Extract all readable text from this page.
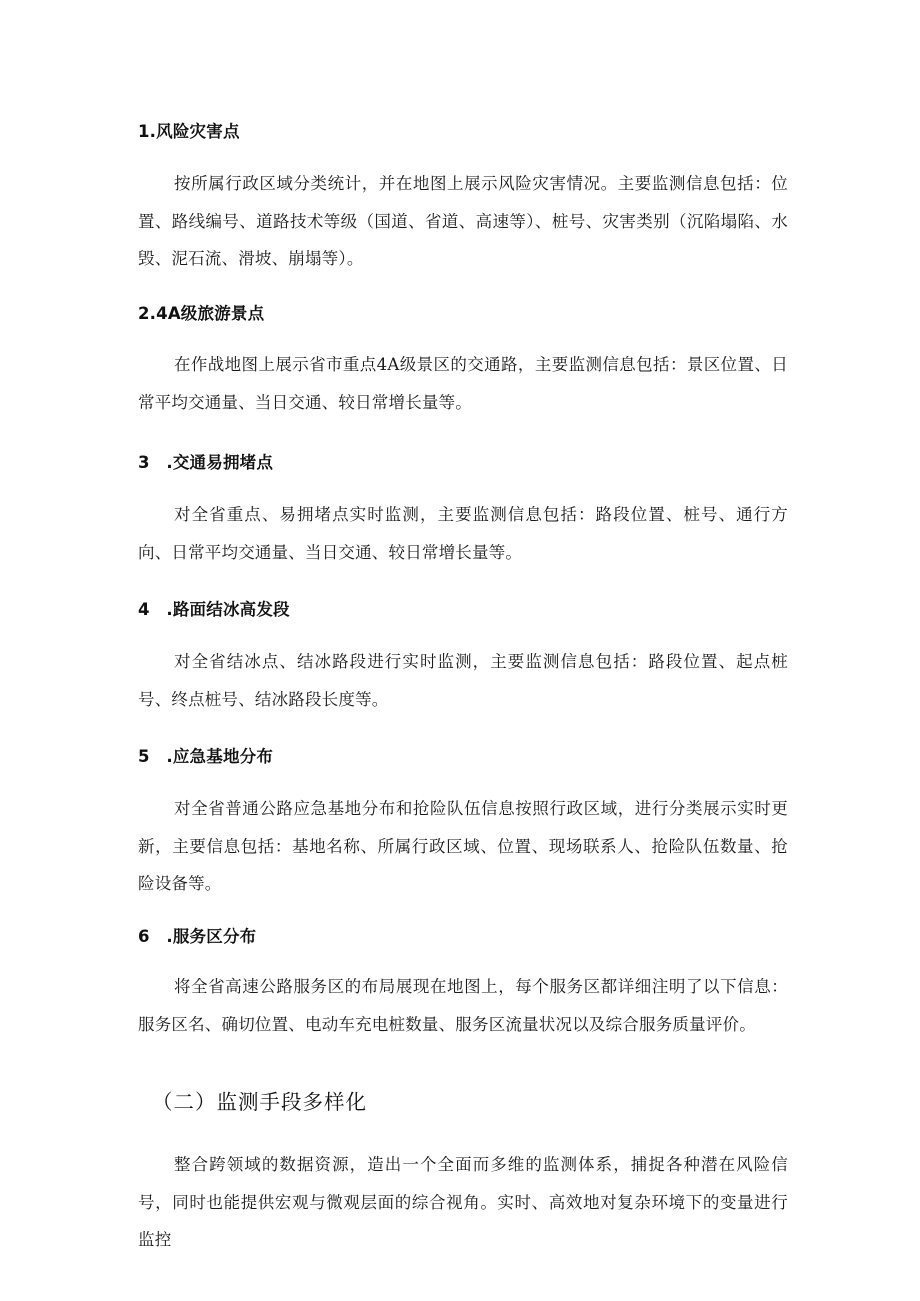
1.风险灾害点
按所属行政区域分类统计，并在地图上展示风险灾害情况。主要监测信息包括：位置、路线编号、道路技术等级（国道、省道、高速等）、桩号、灾害类别（沉陷塌陷、水毁、泥石流、滑坡、崩塌等）。
2.4A级旅游景点
在作战地图上展示省市重点4A级景区的交通路，主要监测信息包括：景区位置、日常平均交通量、当日交通、较日常增长量等。
3　.交通易拥堵点
对全省重点、易拥堵点实时监测，主要监测信息包括：路段位置、桩号、通行方向、日常平均交通量、当日交通、较日常增长量等。
4　.路面结冰高发段
对全省结冰点、结冰路段进行实时监测，主要监测信息包括：路段位置、起点桩号、终点桩号、结冰路段长度等。
5　.应急基地分布
对全省普通公路应急基地分布和抢险队伍信息按照行政区域，进行分类展示实时更新，主要信息包括：基地名称、所属行政区域、位置、现场联系人、抢险队伍数量、抢险设备等。
6　.服务区分布
将全省高速公路服务区的布局展现在地图上，每个服务区都详细注明了以下信息：服务区名、确切位置、电动车充电桩数量、服务区流量状况以及综合服务质量评价。
（二）监测手段多样化
整合跨领域的数据资源，造出一个全面而多维的监测体系，捕捉各种潜在风险信号，同时也能提供宏观与微观层面的综合视角。实时、高效地对复杂环境下的变量进行监控
